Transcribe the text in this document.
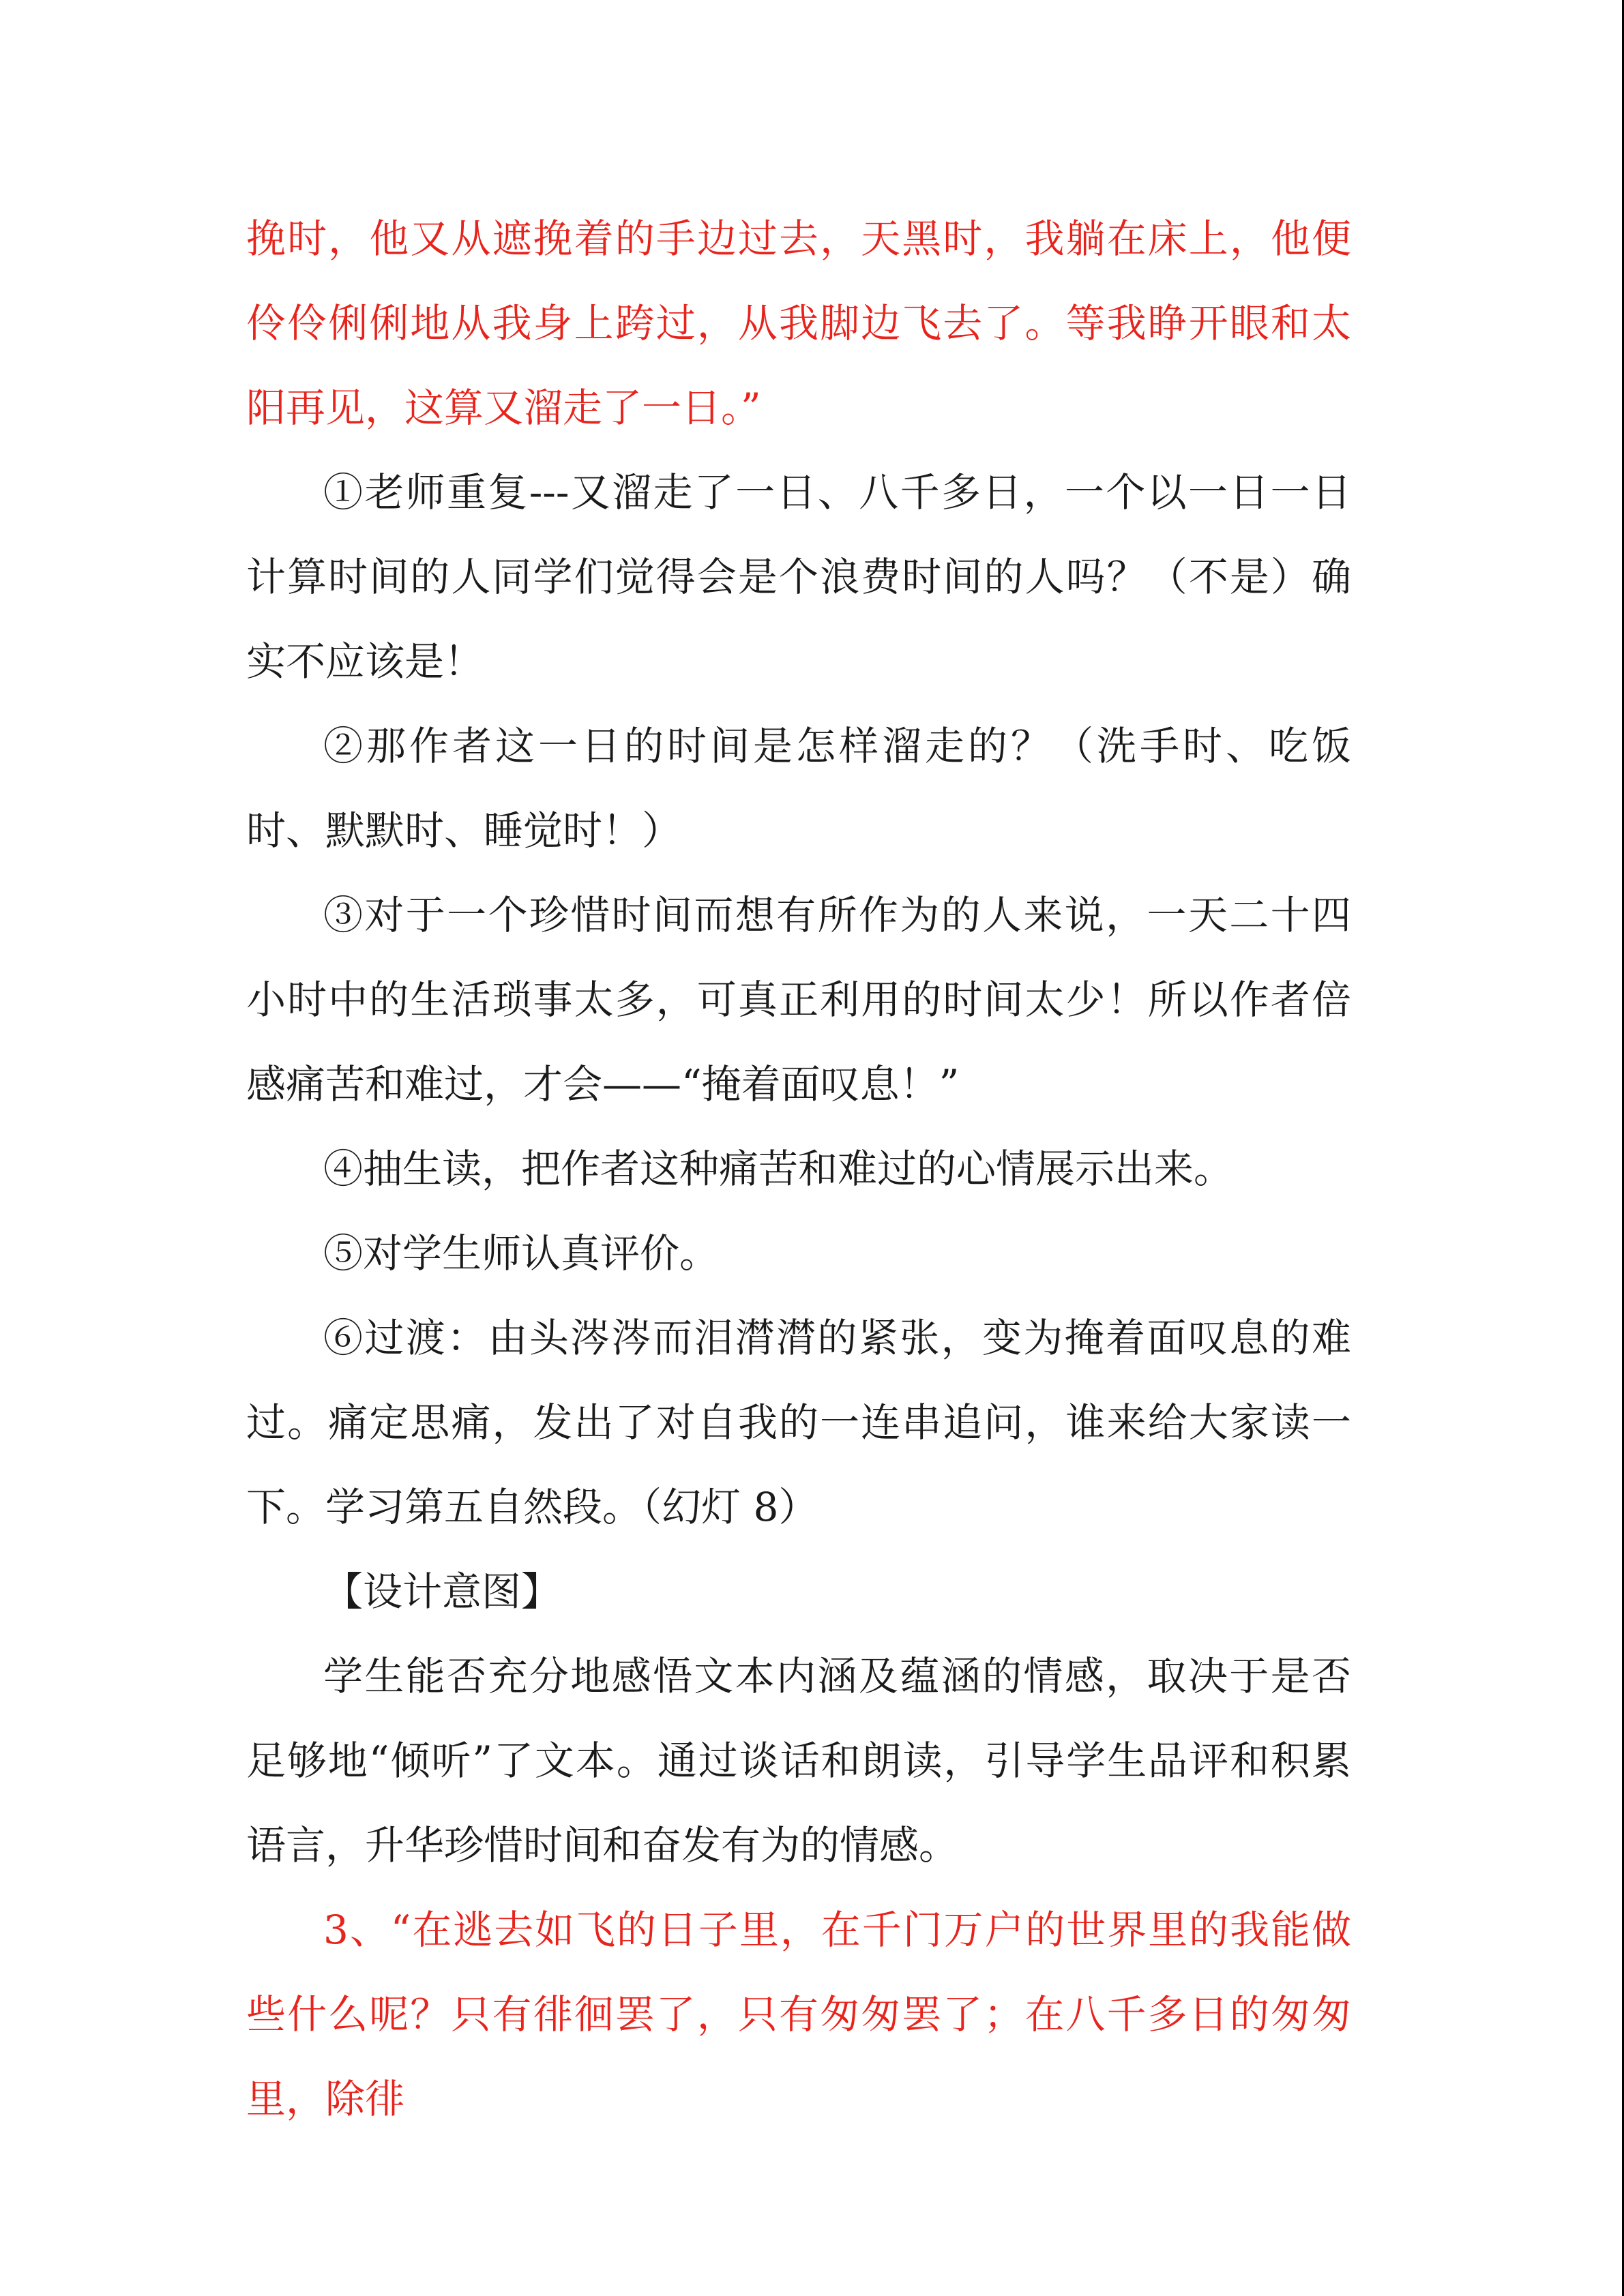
挽时，他又从遮挽着的手边过去，天黑时，我躺在床上，他便伶伶俐俐地从我身上跨过，从我脚边飞去了。等我睁开眼和太阳再见，这算又溜走了一日。”

①老师重复---又溜走了一日、八千多日，一个以一日一日计算时间的人同学们觉得会是个浪费时间的人吗？（不是）确实不应该是！

②那作者这一日的时间是怎样溜走的？（洗手时、吃饭时、默默时、睡觉时！）

③对于一个珍惜时间而想有所作为的人来说，一天二十四小时中的生活琐事太多，可真正利用的时间太少！所以作者倍感痛苦和难过，才会——“掩着面叹息！”

④抽生读，把作者这种痛苦和难过的心情展示出来。

⑤对学生师认真评价。

⑥过渡：由头涔涔而泪潸潸的紧张，变为掩着面叹息的难过。痛定思痛，发出了对自我的一连串追问，谁来给大家读一下。学习第五自然段。（幻灯 8）

【设计意图】

学生能否充分地感悟文本内涵及蕴涵的情感，取决于是否足够地“倾听”了文本。通过谈话和朗读，引导学生品评和积累语言，升华珍惜时间和奋发有为的情感。

3、“在逃去如飞的日子里，在千门万户的世界里的我能做些什么呢？只有徘徊罢了，只有匆匆罢了；在八千多日的匆匆里，除徘
